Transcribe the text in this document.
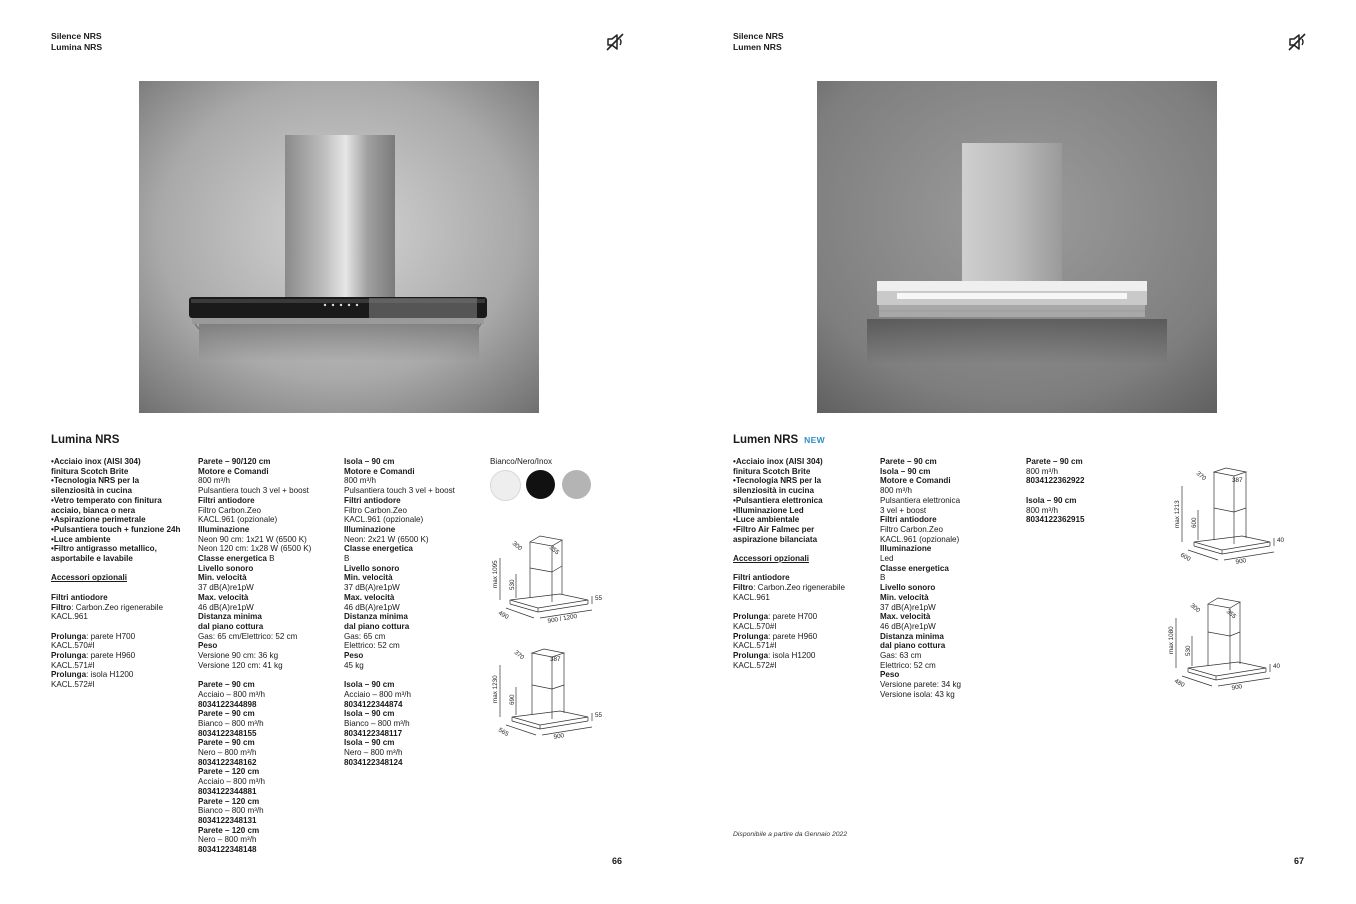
Silence NRS
Lumina NRS
Lumina NRS
•Acciaio inox (AISI 304)
finitura Scotch Brite
•Tecnologia NRS per la
silenziosità in cucina
•Vetro temperato con finitura
acciaio, bianca o nera
•Aspirazione perimetrale
•Pulsantiera touch + funzione 24h
•Luce ambiente
•Filtro antigrasso metallico,
asportabile e lavabile
Accessori opzionali
Filtri antiodore
Filtro: Carbon.Zeo rigenerabile
KACL.961
Prolunga: parete H700
KACL.570#I
Prolunga: parete H960
KACL.571#I
Prolunga: isola H1200
KACL.572#I
Parete – 90/120 cm
Motore e Comandi
800 m³/h
Pulsantiera touch 3 vel + boost
Filtri antiodore
Filtro Carbon.Zeo
KACL.961 (opzionale)
Illuminazione
Neon 90 cm: 1x21 W (6500 K)
Neon 120 cm: 1x28 W (6500 K)
Classe energetica B
Livello sonoro
Min. velocità
37 dB(A)re1pW
Max. velocità
46 dB(A)re1pW
Distanza minima
dal piano cottura
Gas: 65 cm/Elettrico: 52 cm
Peso
Versione 90 cm: 36 kg
Versione 120 cm: 41 kg
Parete – 90 cm
Acciaio – 800 m³/h
8034122344898
Parete – 90 cm
Bianco – 800 m³/h
8034122348155
Parete – 90 cm
Nero – 800 m³/h
8034122348162
Parete – 120 cm
Acciaio – 800 m³/h
8034122344881
Parete – 120 cm
Bianco – 800 m³/h
8034122348131
Parete – 120 cm
Nero – 800 m³/h
8034122348148
Isola – 90 cm
Motore e Comandi
800 m³/h
Pulsantiera touch 3 vel + boost
Filtri antiodore
Filtro Carbon.Zeo
KACL.961 (opzionale)
Illuminazione
Neon: 2x21 W (6500 K)
Classe energetica
B
Livello sonoro
Min. velocità
37 dB(A)re1pW
Max. velocità
46 dB(A)re1pW
Distanza minima
dal piano cottura
Gas: 65 cm
Elettrico: 52 cm
Peso
45 kg
Isola – 90 cm
Acciaio – 800 m³/h
8034122344874
Isola – 90 cm
Bianco – 800 m³/h
8034122348117
Isola – 90 cm
Nero – 800 m³/h
8034122348124
Bianco/Nero/Inox
300	355
max 1095 530
55
900 / 1200
490
370	387
max 1230 690
55
900
565
66
Silence NRS
Lumen NRS
Lumen NRS NEW
•Acciaio inox (AISI 304)
finitura Scotch Brite
•Tecnologia NRS per la
silenziosità in cucina
•Pulsantiera elettronica
•Illuminazione Led
•Luce ambientale
•Filtro Air Falmec per
aspirazione bilanciata
Accessori opzionali
Filtri antiodore
Filtro: Carbon.Zeo rigenerabile
KACL.961
Prolunga: parete H700
KACL.570#I
Prolunga: parete H960
KACL.571#I
Prolunga: isola H1200
KACL.572#I
Parete – 90 cm
Isola – 90 cm
Motore e Comandi
800 m³/h
Pulsantiera elettronica
3 vel + boost
Filtri antiodore
Filtro Carbon.Zeo
KACL.961 (opzionale)
Illuminazione
Led
Classe energetica
B
Livello sonoro
Min. velocità
37 dB(A)re1pW
Max. velocità
46 dB(A)re1pW
Distanza minima
dal piano cottura
Gas: 63 cm
Elettrico: 52 cm
Peso
Versione parete: 34 kg
Versione isola: 43 kg
Parete – 90 cm
800 m³/h
8034122362922
Isola – 90 cm
800 m³/h
8034122362915
370	387
max 1213 600
40
900
600
300	355
max 1080 530
40
900
480
Disponibile a partire da Gennaio 2022
67
